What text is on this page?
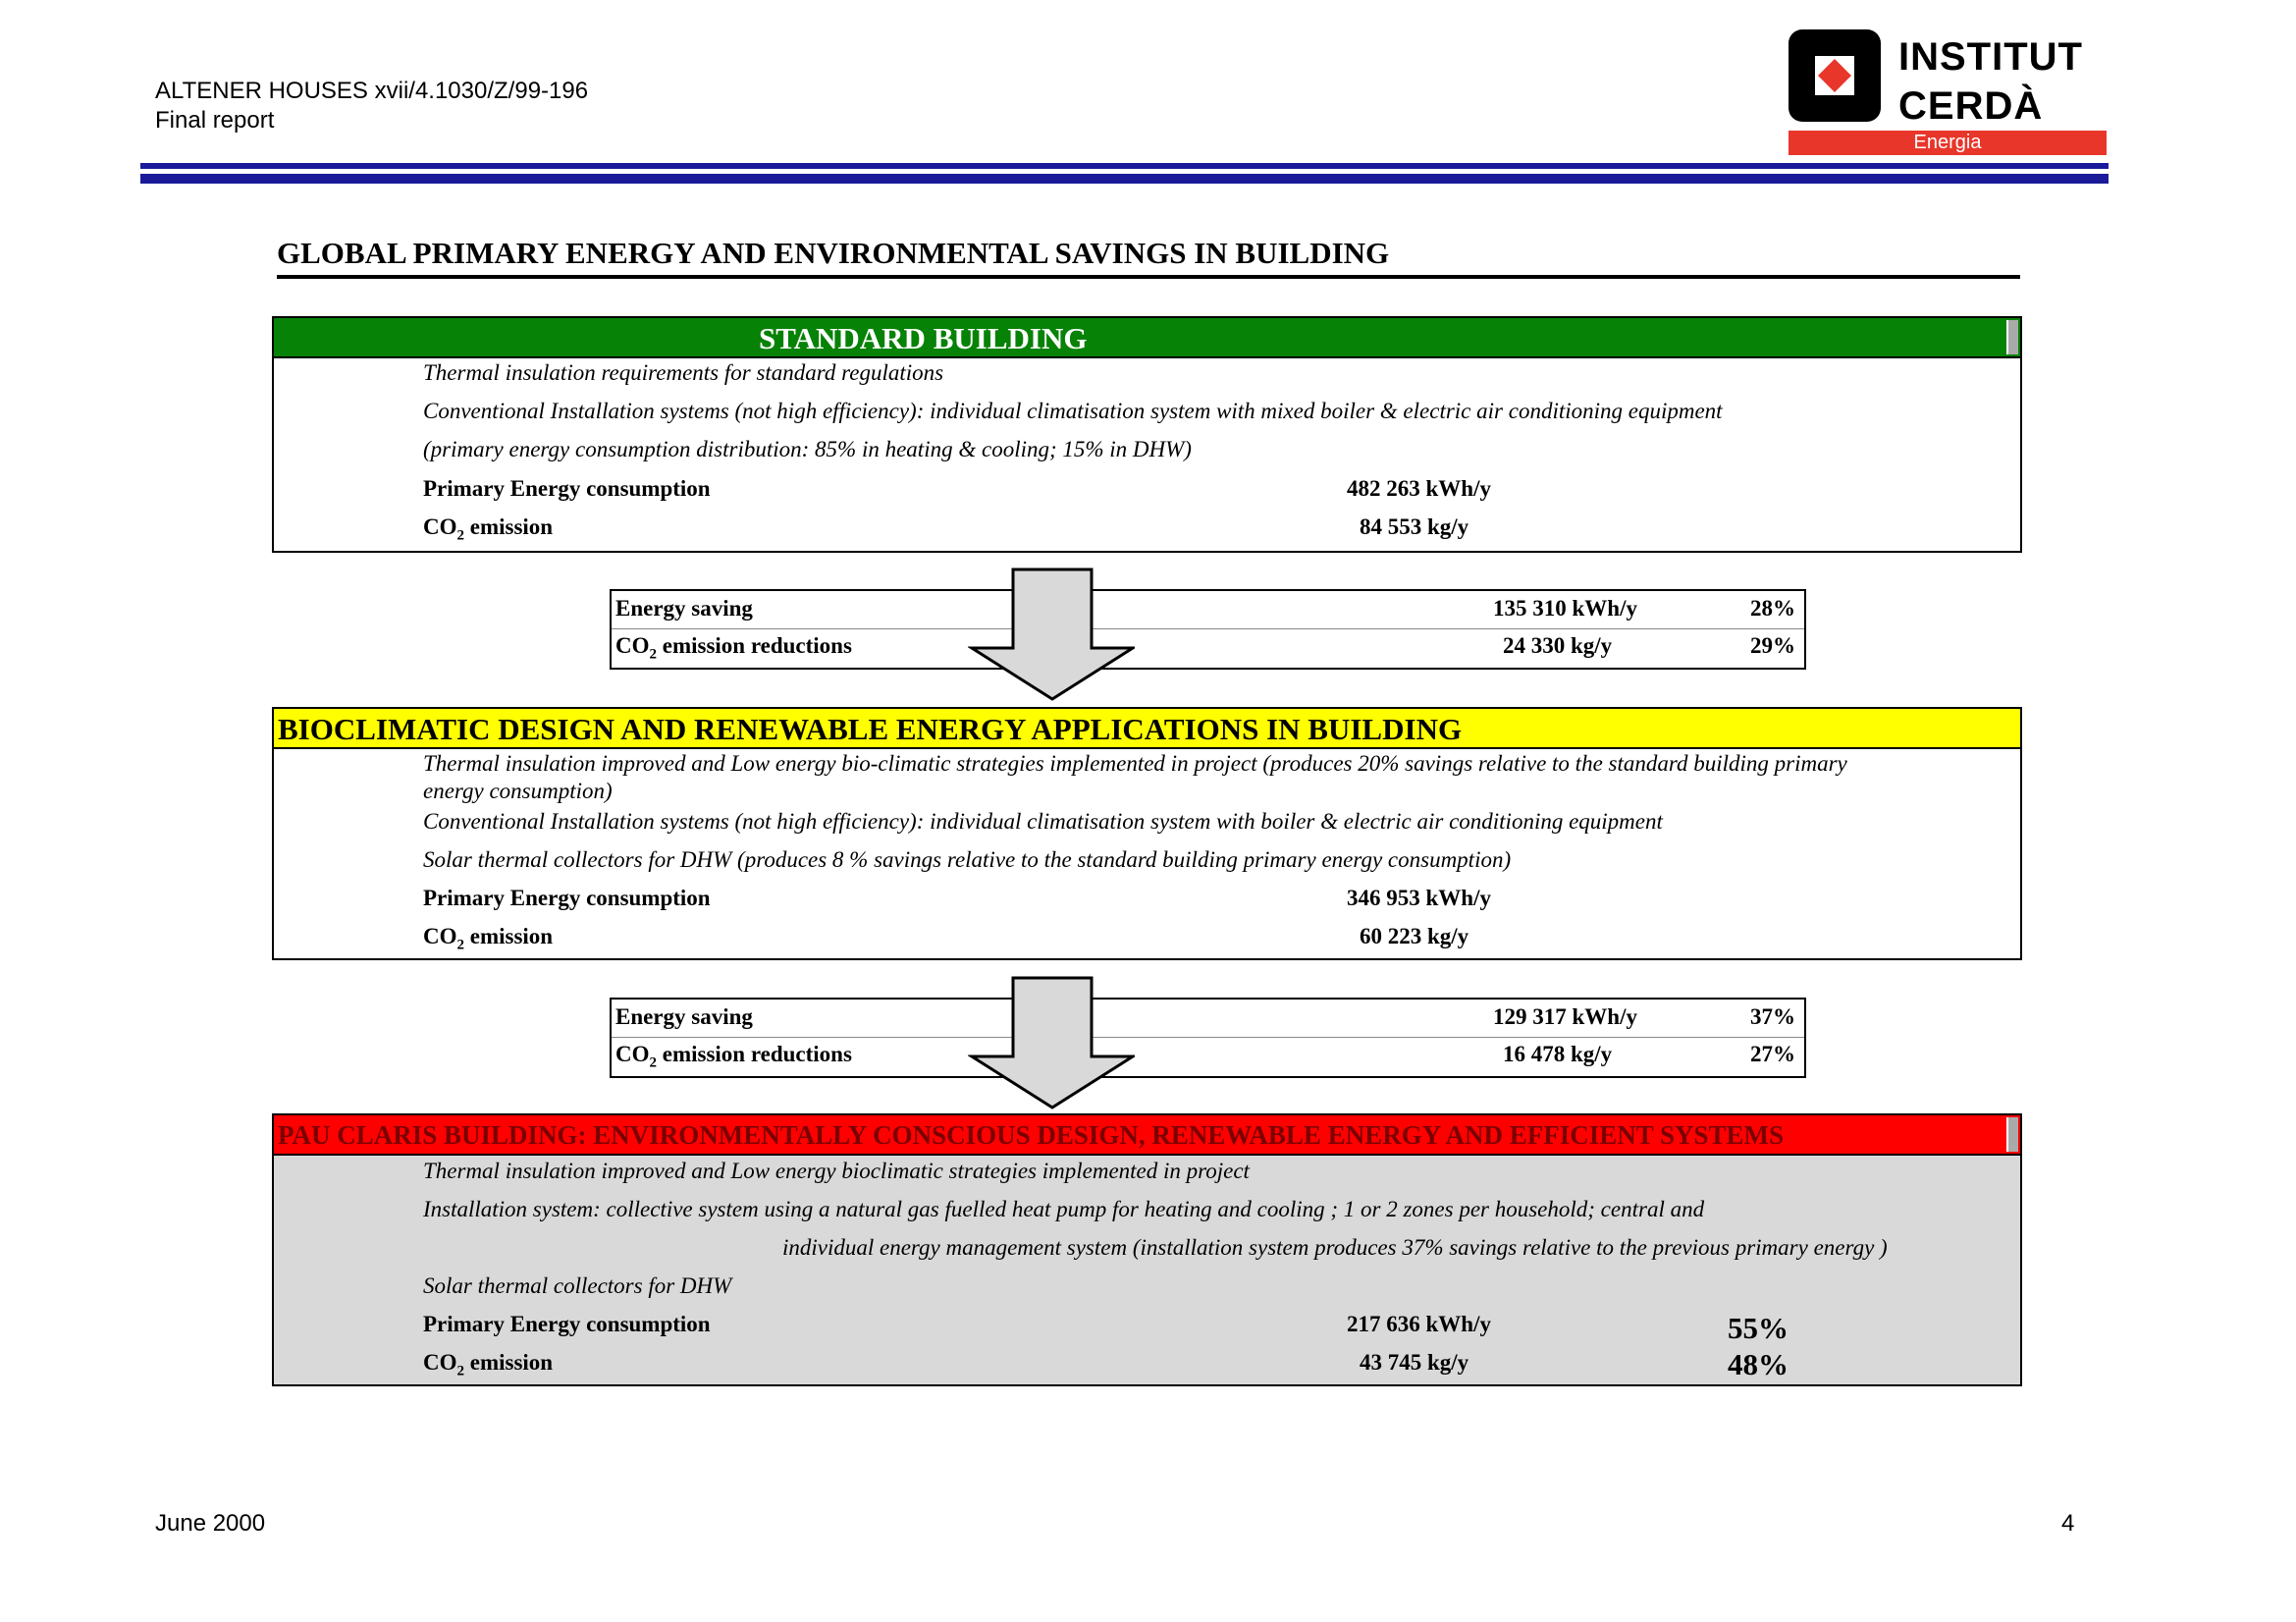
ALTENER HOUSES xvii/4.1030/Z/99-196
Final report
INSTITUT
CERDÀ
Energia
GLOBAL PRIMARY ENERGY AND ENVIRONMENTAL SAVINGS IN BUILDING
STANDARD BUILDING
Thermal insulation requirements for standard regulations
Conventional Installation systems (not high efficiency): individual climatisation system with mixed boiler & electric air conditioning equipment
(primary energy consumption distribution: 85% in heating & cooling; 15% in DHW)
Primary Energy consumption	482 263 kWh/y
$CO_2$ emission	84 553 kg/y
Energy saving	135 310 kWh/y	28%
$CO_2$ emission reductions	24 330 kg/y	29%
BIOCLIMATIC DESIGN AND RENEWABLE ENERGY APPLICATIONS IN BUILDING
Thermal insulation improved and Low energy bio-climatic strategies implemented in project (produces 20% savings relative to the standard building primary
energy consumption)
Conventional Installation systems (not high efficiency): individual climatisation system with boiler & electric air conditioning equipment
Solar thermal collectors for DHW (produces 8 % savings relative to the standard building primary energy consumption)
Primary Energy consumption	346 953 kWh/y
$CO_2$ emission	60 223 kg/y
Energy saving	129 317 kWh/y	37%
$CO_2$ emission reductions	16 478 kg/y	27%
PAU CLARIS BUILDING: ENVIRONMENTALLY CONSCIOUS DESIGN, RENEWABLE ENERGY AND EFFICIENT SYSTEMS
Thermal insulation improved and Low energy bioclimatic strategies implemented in project
Installation system: collective system using a natural gas fuelled heat pump for heating and cooling ; 1 or 2 zones per household; central and
individual energy management system (installation system produces 37% savings relative to the previous primary energy )
Solar thermal collectors for DHW
Primary Energy consumption	217 636 kWh/y	55%
$CO_2$ emission	43 745 kg/y	48%
June 2000	4
